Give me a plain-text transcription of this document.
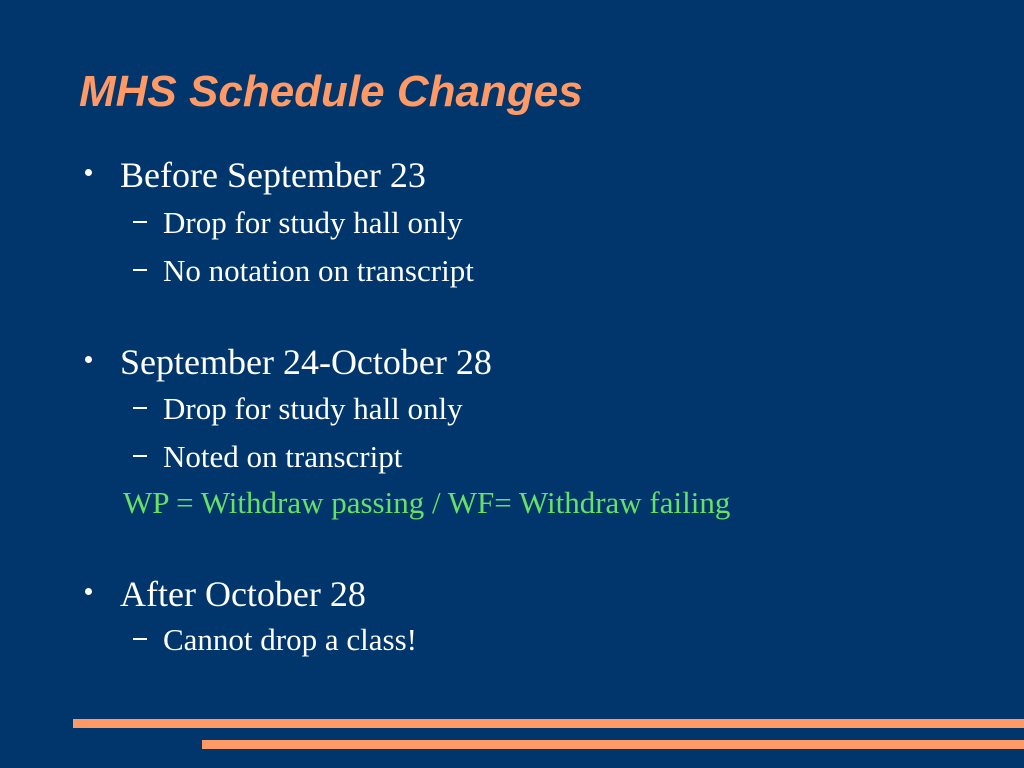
MHS Schedule Changes
Before September 23
Drop for study hall only
No notation on transcript
September 24-October 28
Drop for study hall only
Noted on transcript
WP = Withdraw passing / WF= Withdraw failing
After October 28
Cannot drop a class!
